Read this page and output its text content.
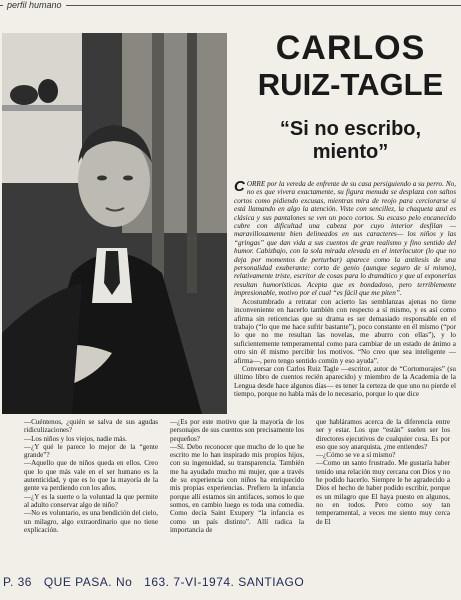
perfil humano
CARLOS
RUIZ-TAGLE
“Si no escribo,
miento”

CORRE por la vereda de enfrente de su casa persiguiendo a su perro. No, no es que vivera exactamente, su figura menuda se desplaza con saltos cortos como pidiendo excusas, mientras mira de reojo para cerciorarse si está llamando en algo la atención. Viste con sencillez, la chaqueta azul es clásica y sus pantalones se ven un poco cortos. Su escaso pelo encanecido cubre con dificultad una cabeza por cuyo interior desfilan —maravillosamente bien delineados en sus caracteres— los niños y las “gringas” que dan vida a sus cuentos de gran realismo y fino sentido del humor. Cabizbajo, con la sola mirada elevada en el interlocutor (lo que no deja por momentos de perturbar) aparece como la antítesis de una personalidad exuberante: corto de genio (aunque seguro de sí mismo), relativamente triste, escritor de cosas para lo dramático y que al exponerlas resultan humorísticas. Acepta que es bondadoso, pero terriblemente impresionable, motivo por el cual “es fácil que me piten”.

Acostumbrado a retratar con acierto las semblanzas ajenas no tiene inconveniente en hacerlo también con respecto a sí mismo, y es así como afirma sin reticencias que su drama es ser demasiado responsable en el trabajo (“lo que me hace sufrir bastante”), poco constante en él mismo (“por lo que no me resultan las novelas, me aburro con ellas”), y lo suficientemente temperamental como para cambiar de un estado de ánimo a otro sin él mismo percibir los motivos. “No creo que sea inteligente —afirma—, pero tengo sentido común y eso ayuda”.

Conversar con Carlos Ruiz Tagle —escritor, autor de “Cortomorajes” (su último libro de cuentos recién aparecido) y miembro de la Academia de la Lengua desde hace algunos días— es tener la certeza de que uno no pierde el tiempo, porque no habla más de lo necesario, porque lo que dice

—Cuéntenos, ¿quién se salva de sus agudas ridiculizaciones?

—Los niños y los viejos, nadie más.

—¿Y qué le parece lo mejor de la “gente grande”?

—Aquello que de niños queda en ellos. Creo que lo que más vale en el ser humano es la autenticidad, y que es lo que la mayoría de la gente va perdiendo con los años.

—¿Y es la suerte o la voluntad la que permite al adulto conservar algo de niño?

—No es voluntario, es una bendición del cielo, un milagro, algo extraordinario que no tiene explicación.

—¿Es por este motivo que la mayoría de los personajes de sus cuentos son precisamente los pequeños?

—Sí. Debo reconocer que mucho de lo que he escrito me lo han inspirado mis propios hijos, con su ingenuidad, su transparencia. También me ha ayudado mucho mi mujer, que a través de su experiencia con niños ha enriquecido mis propias experiencias. Prefiero la infancia porque allí estamos sin antifaces, somos lo que somos, en cambio luego es toda una comedia. Como decía Saint Exupery “la infancia es como un país distinto”. Allí radica la importancia de

que habláramos acerca de la diferencia entre ser y estar. Los que “están” suelen ser los directores ejecutivos de cualquier cosa. Es por eso que soy anarquista, ¿me entiendes?

—¿Cómo se ve a sí mismo?

—Como un santo frustrado. Me gustaría haber tenido una relación muy cercana con Dios y no he podido hacerlo. Siempre le he agradecido a Dios el hecho de haber podido escribir, porque es un milagro que El haya puesto en algunos, no en todos. Pero como soy tan temperamental, a veces me siento muy cerca de El

P. 36 QUE PASA. No 163. 7-VI-1974. SANTIAGO
